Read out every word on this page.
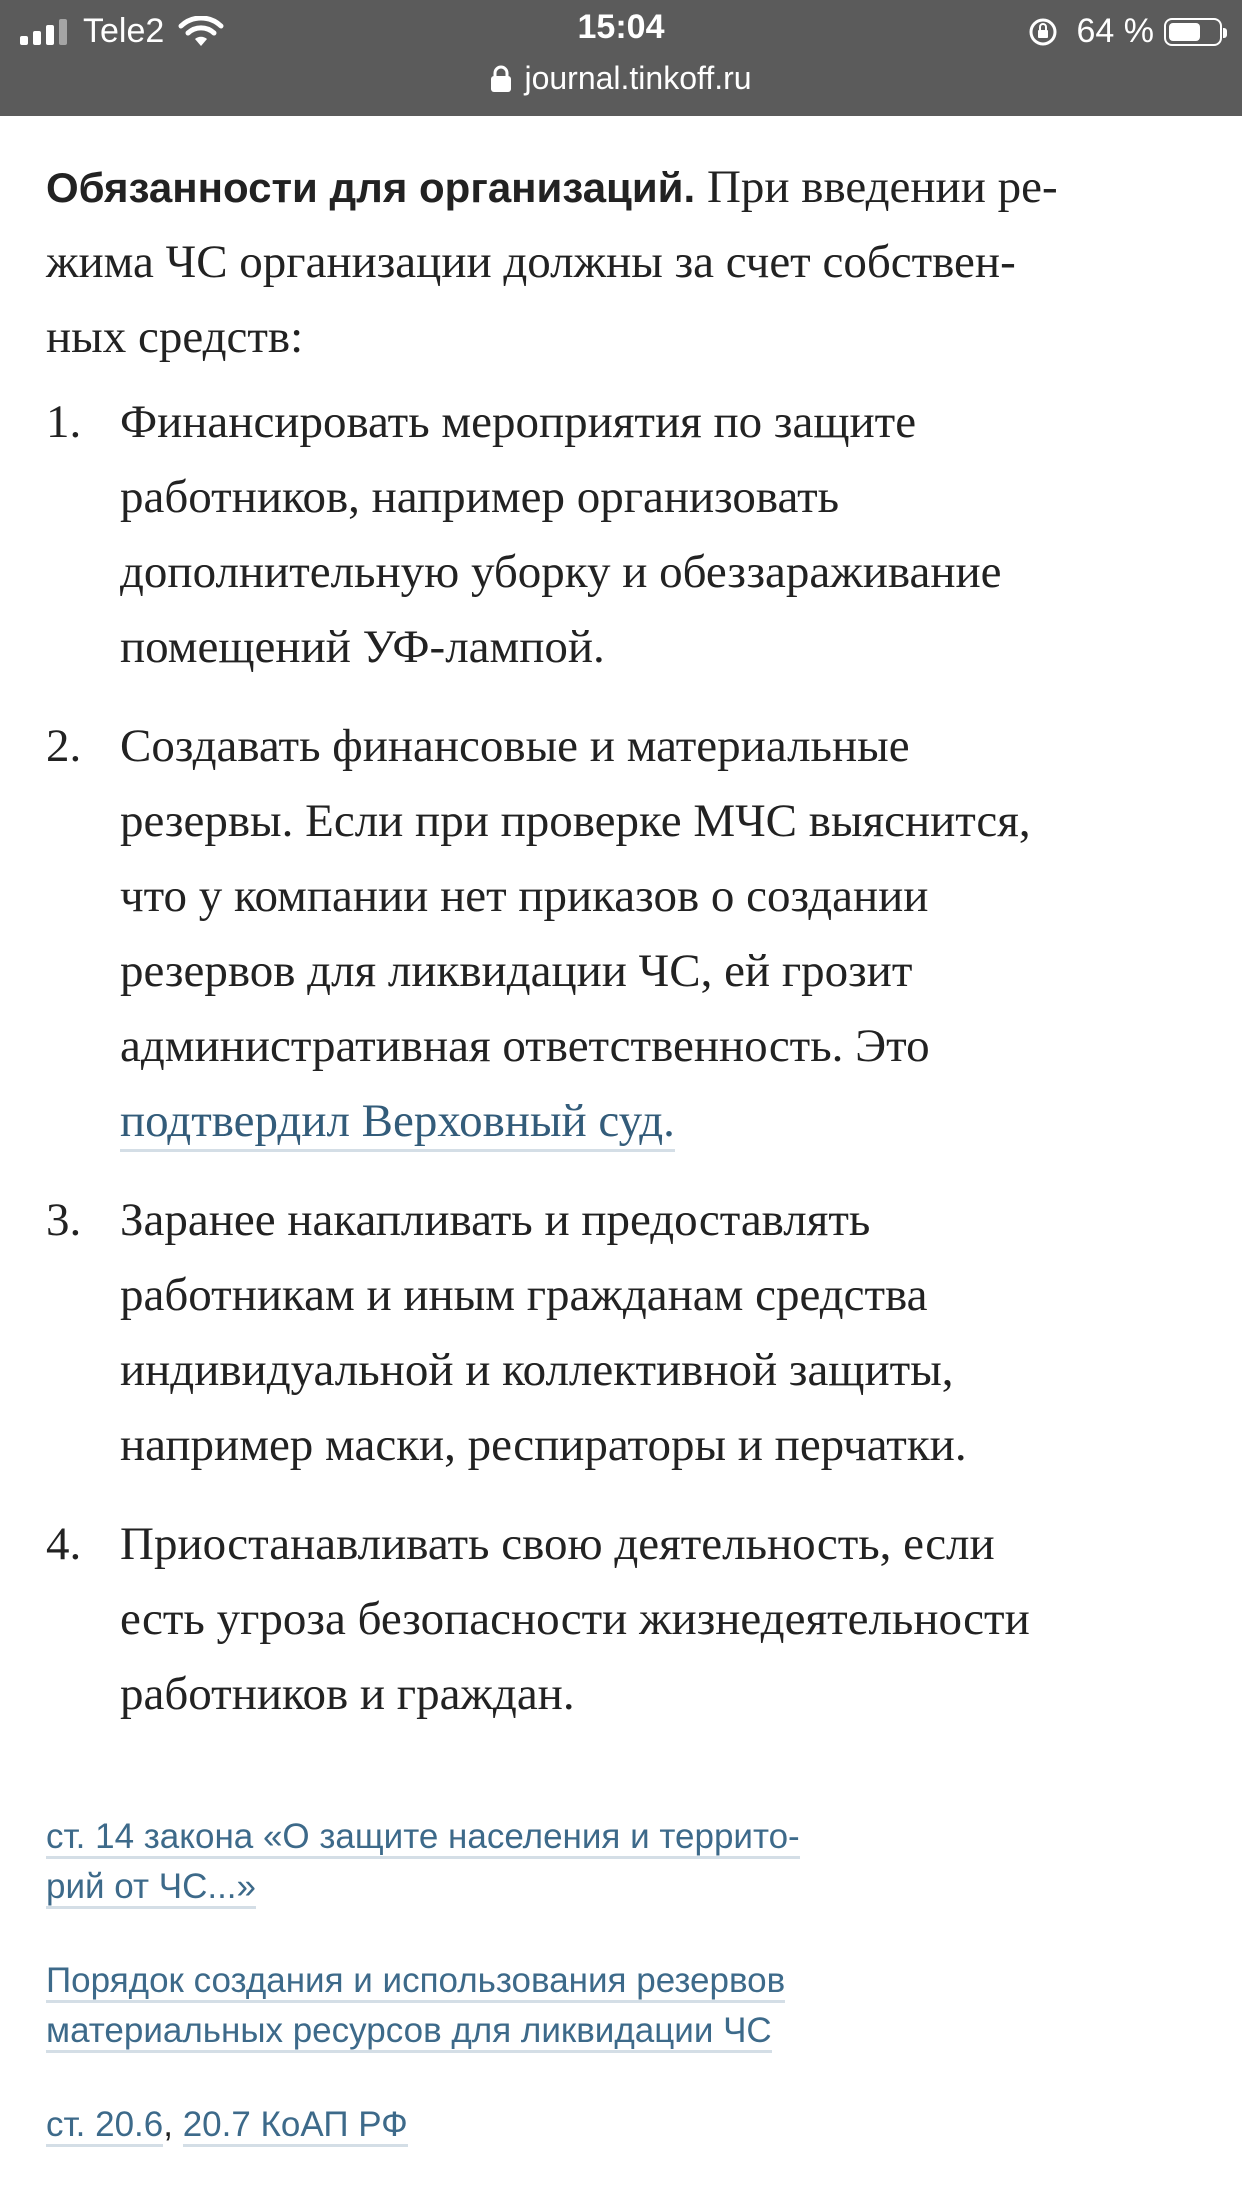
Tele2	15:04	64 %
journal.tinkoff.ru

Обязанности для организаций. При введении ре-
жима ЧС организации должны за счет собствен-
ных средств:

1. Финансировать мероприятия по защите
работников, например организовать
дополнительную уборку и обеззараживание
помещений УФ-лампой.
2. Создавать финансовые и материальные
резервы. Если при проверке МЧС выяснится,
что у компании нет приказов о создании
резервов для ликвидации ЧС, ей грозит
административная ответственность. Это
подтвердил Верховный суд.
3. Заранее накапливать и предоставлять
работникам и иным гражданам средства
индивидуальной и коллективной защиты,
например маски, респираторы и перчатки.
4. Приостанавливать свою деятельность, если
есть угроза безопасности жизнедеятельности
работников и граждан.

ст. 14 закона «О защите населения и террито-
рий от ЧС...»

Порядок создания и использования резервов
материальных ресурсов для ликвидации ЧС

ст. 20.6, 20.7 КоАП РФ
